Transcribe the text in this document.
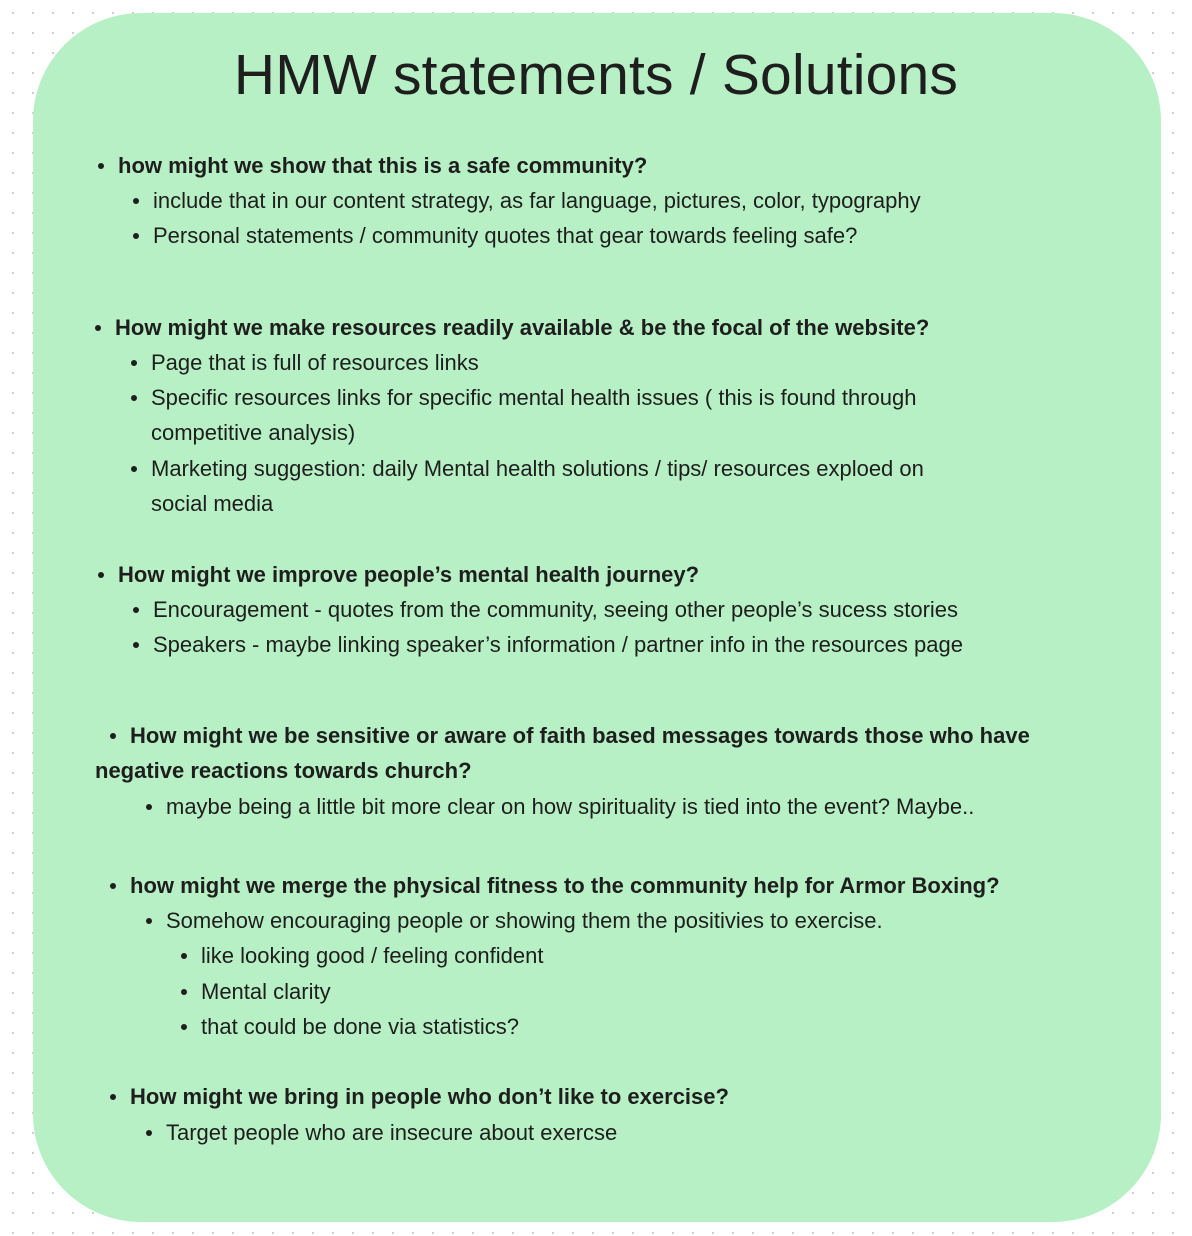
HMW statements / Solutions

how might we show that this is a safe community?

include that in our content strategy, as far language, pictures, color, typography

Personal statements / community quotes that gear towards feeling safe?

How might we make resources readily available & be the focal of the website?

Page that is full of resources links

Specific resources links for specific mental health issues ( this is found through

competitive analysis)

Marketing suggestion: daily Mental health solutions / tips/ resources exploed on

social media

How might we improve people’s mental health journey?

Encouragement - quotes from the community, seeing other people’s sucess stories

Speakers - maybe linking speaker’s information / partner info in the resources page

How might we be sensitive or aware of faith based messages towards those who have

negative reactions towards church?

maybe being a little bit more clear on how spirituality is tied into the event? Maybe..

how might we merge the physical fitness to the community help for Armor Boxing?

Somehow encouraging people or showing them the positivies to exercise.

like looking good / feeling confident

Mental clarity

that could be done via statistics?

How might we bring in people who don’t like to exercise?

Target people who are insecure about exercse
